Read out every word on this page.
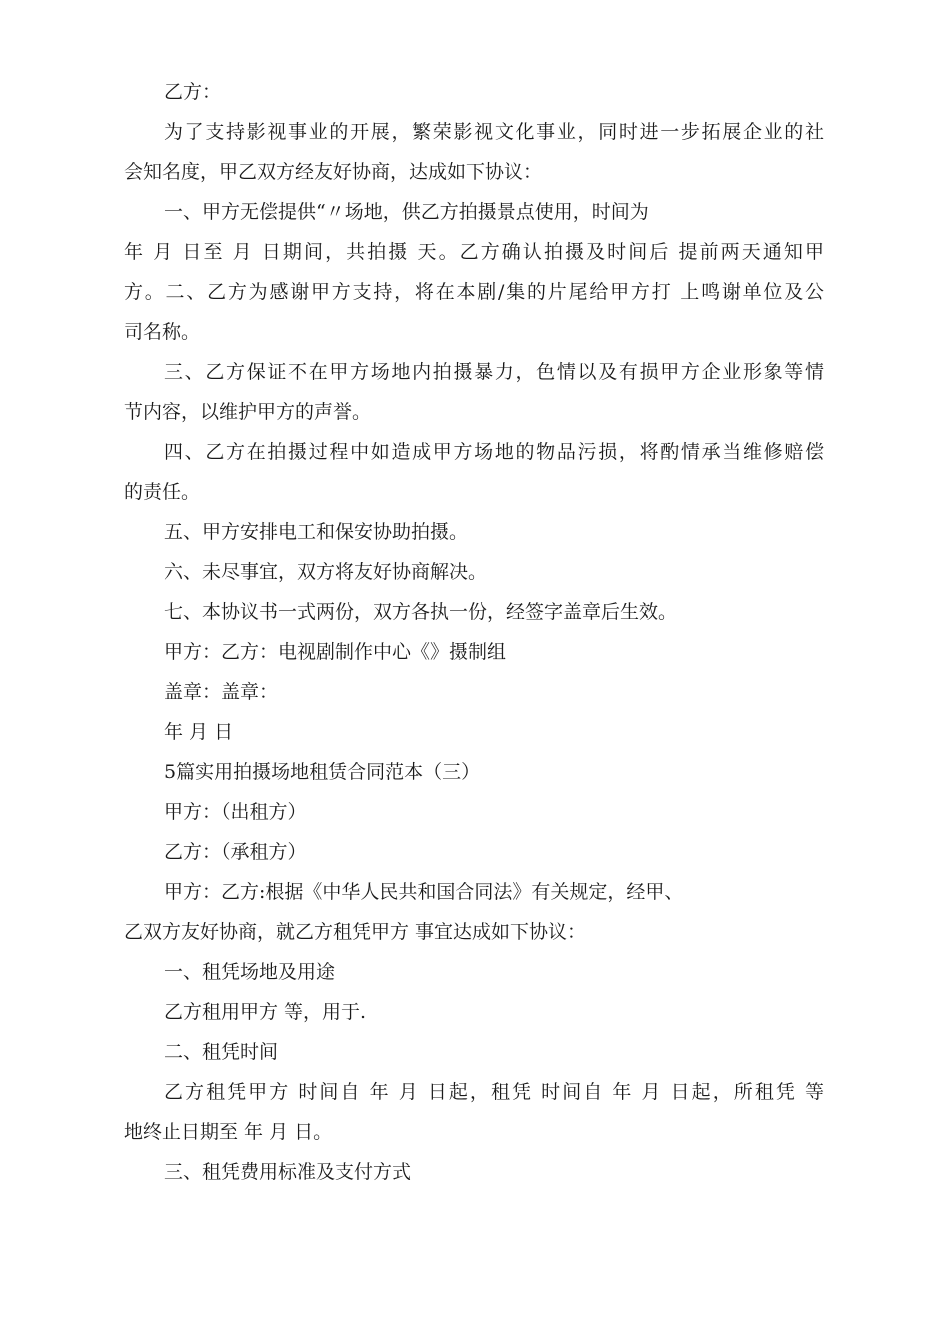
乙方：
为了支持影视事业的开展，繁荣影视文化事业，同时进一步拓展企业的社
会知名度，甲乙双方经友好协商，达成如下协议：
一、甲方无偿提供“〃场地，供乙方拍摄景点使用，时间为
年 月 日至 月 日期间，共拍摄 天。乙方确认拍摄及时间后 提前两天通知甲
方。二、乙方为感谢甲方支持，将在本剧/集的片尾给甲方打 上鸣谢单位及公
司名称。
三、乙方保证不在甲方场地内拍摄暴力，色情以及有损甲方企业形象等情
节内容，以维护甲方的声誉。
四、乙方在拍摄过程中如造成甲方场地的物品污损，将酌情承当维修赔偿
的责任。
五、甲方安排电工和保安协助拍摄。
六、未尽事宜，双方将友好协商解决。
七、本协议书一式两份，双方各执一份，经签字盖章后生效。
甲方：乙方：电视剧制作中心《》摄制组
盖章：盖章：
年 月 日
5篇实用拍摄场地租赁合同范本（三）
甲方：（出租方）
乙方：（承租方）
甲方：乙方:根据《中华人民共和国合同法》有关规定，经甲、
乙双方友好协商，就乙方租凭甲方 事宜达成如下协议：
一、租凭场地及用途
乙方租用甲方 等，用于.
二、租凭时间
乙方租凭甲方 时间自 年 月 日起，租凭 时间自 年 月 日起，所租凭 等
地终止日期至 年 月 日。
三、租凭费用标准及支付方式
